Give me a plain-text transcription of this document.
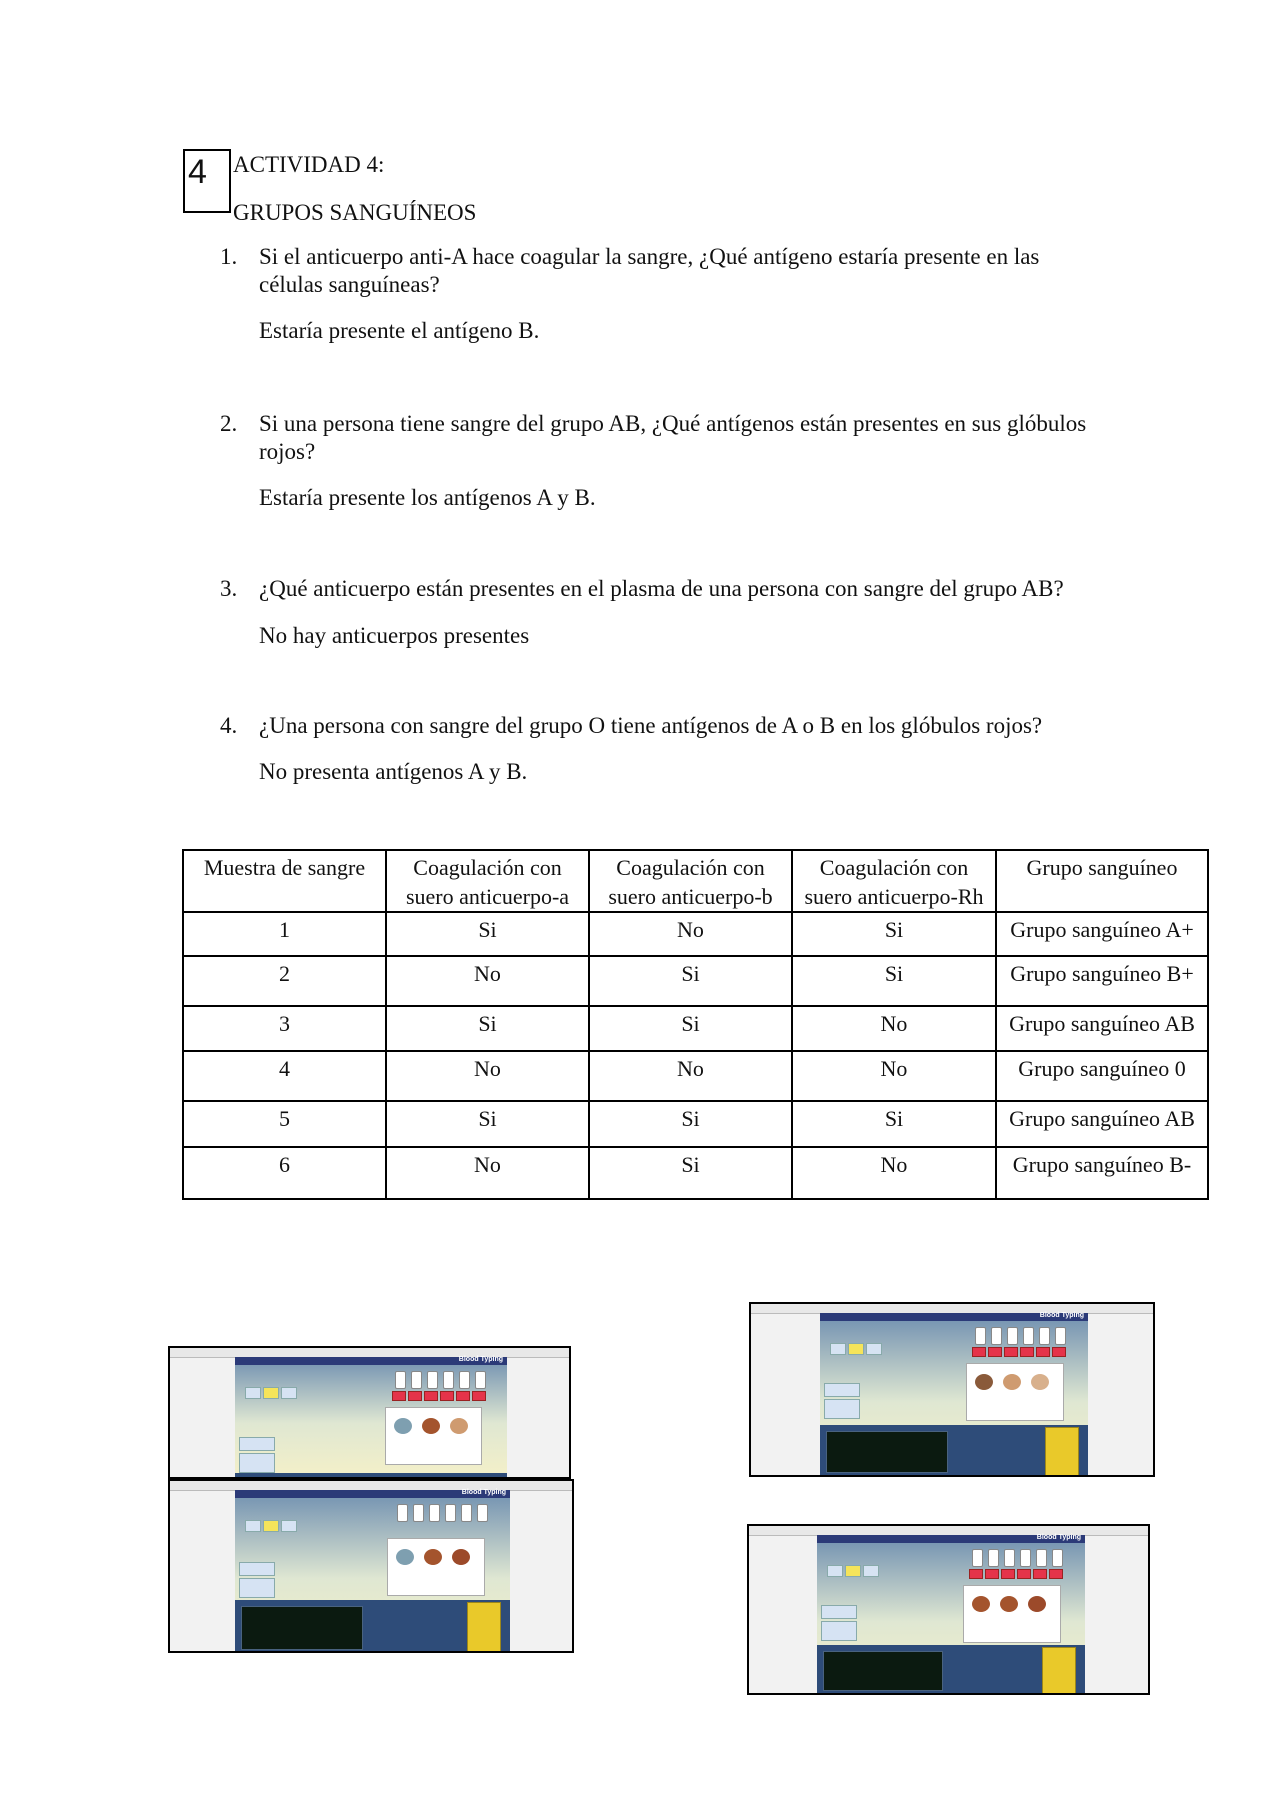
4	ACTIVIDAD 4:
GRUPOS SANGUÍNEOS
1. Si el anticuerpo anti-A hace coagular la sangre, ¿Qué antígeno estaría presente en las células sanguíneas?
Estaría presente el antígeno B.
2. Si una persona tiene sangre del grupo AB, ¿Qué antígenos están presentes en sus glóbulos rojos?
Estaría presente los antígenos A y B.
3. ¿Qué anticuerpo están presentes en el plasma de una persona con sangre del grupo AB?
No hay anticuerpos presentes
4. ¿Una persona con sangre del grupo O tiene antígenos de A o B en los glóbulos rojos?
No presenta antígenos A y B.
Muestra de sangre	Coagulación con suero anticuerpo-a	Coagulación con suero anticuerpo-b	Coagulación con suero anticuerpo-Rh	Grupo sanguíneo
1	Si	No	Si	Grupo sanguíneo A+
2	No	Si	Si	Grupo sanguíneo B+
3	Si	Si	No	Grupo sanguíneo AB
4	No	No	No	Grupo sanguíneo 0
5	Si	Si	Si	Grupo sanguíneo AB
6	No	Si	No	Grupo sanguíneo B-
Blood Typing
Blood Typing
Blood Typing
Blood Typing
